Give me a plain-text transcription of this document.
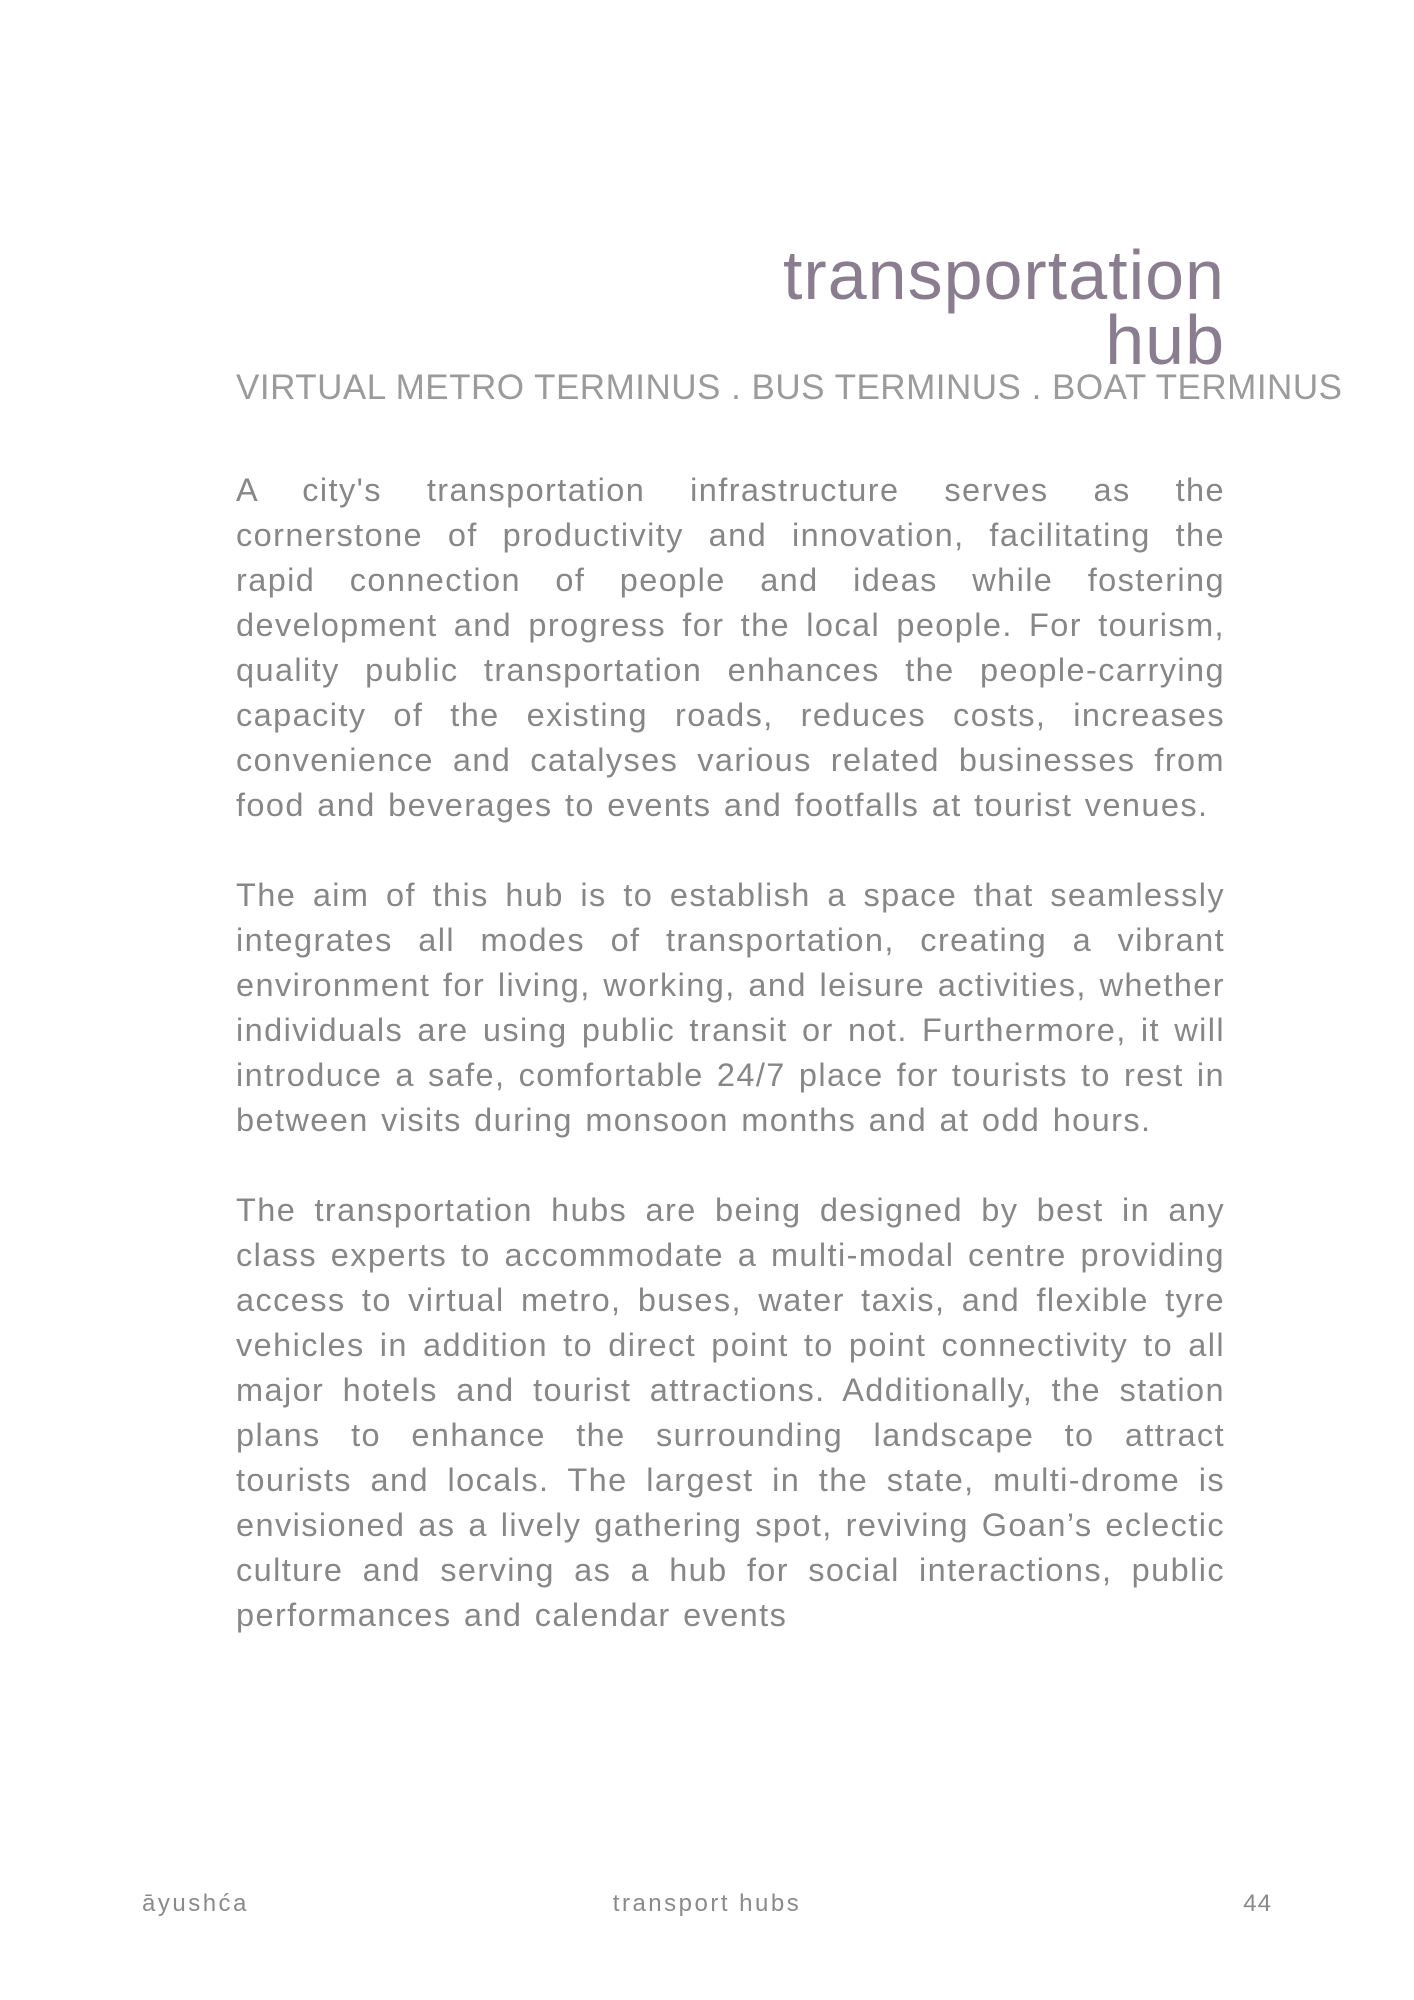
transportation
hub
VIRTUAL METRO TERMINUS . BUS TERMINUS . BOAT TERMINUS

A city's transportation infrastructure serves as the cornerstone of productivity and innovation, facilitating the rapid connection of people and ideas while fostering development and progress for the local people. For tourism, quality public transportation enhances the people-carrying capacity of the existing roads, reduces costs, increases convenience and catalyses various related businesses from food and beverages to events and footfalls at tourist venues.

The aim of this hub is to establish a space that seamlessly integrates all modes of transportation, creating a vibrant environment for living, working, and leisure activities, whether individuals are using public transit or not. Furthermore, it will introduce a safe, comfortable 24/7 place for tourists to rest in between visits during monsoon months and at odd hours.

The transportation hubs are being designed by best in any class experts to accommodate a multi-modal centre providing access to virtual metro, buses, water taxis, and flexible tyre vehicles in addition to direct point to point connectivity to all major hotels and tourist attractions. Additionally, the station plans to enhance the surrounding landscape to attract tourists and locals. The largest in the state, multi-drome is envisioned as a lively gathering spot, reviving Goan’s eclectic culture and serving as a hub for social interactions, public performances and calendar events

āyushća	transport hubs	44
